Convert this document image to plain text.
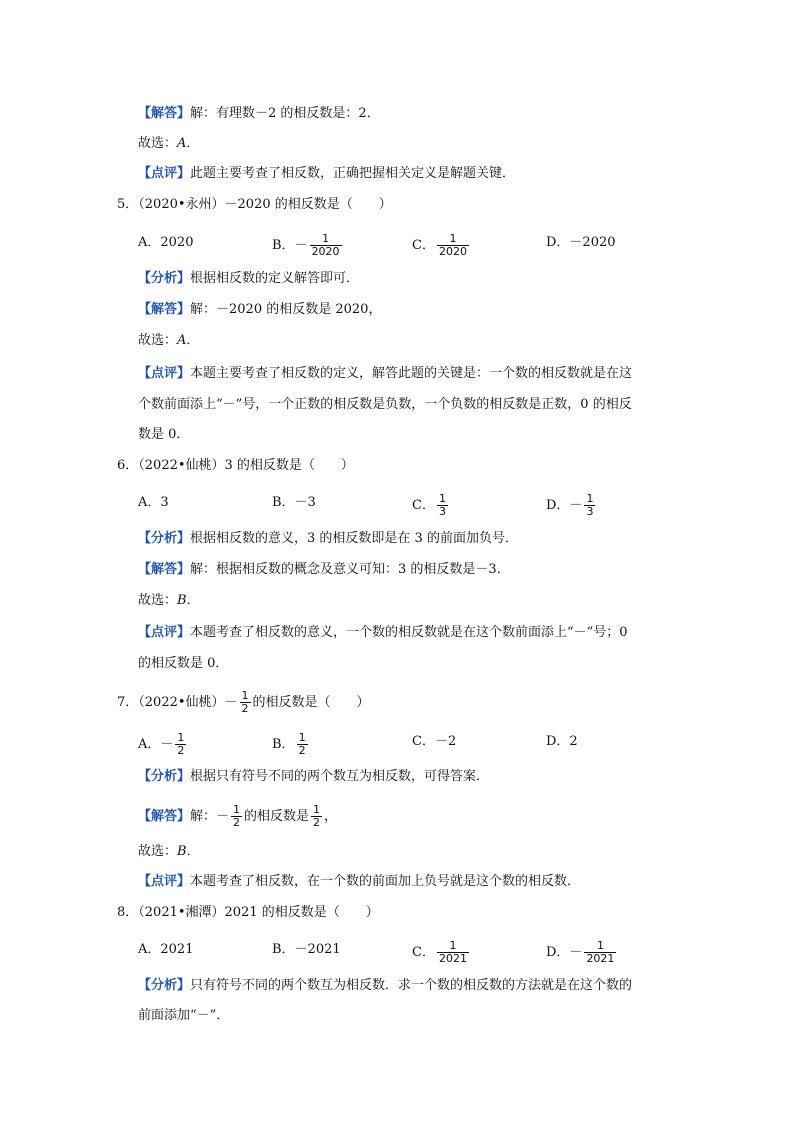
【解答】解：有理数－2 的相反数是：2．
故选：A．
【点评】此题主要考查了相反数，正确把握相关定义是解题关键．
5．（2020•永州）－2020 的相反数是（　　）
A．2020	B．－ $\frac{1}{2020}$	C． $\frac{1}{2020}$	D．－2020
【分析】根据相反数的定义解答即可．
【解答】解：－2020 的相反数是 2020，
故选：A．
【点评】本题主要考查了相反数的定义，解答此题的关键是：一个数的相反数就是在这
个数前面添上“－”号，一个正数的相反数是负数，一个负数的相反数是正数，0 的相反
数是 0．
6．（2022•仙桃）3 的相反数是（　　）
A．3	B．－3	C． $\frac{1}{3}$	D．－ $\frac{1}{3}$
【分析】根据相反数的意义，3 的相反数即是在 3 的前面加负号．
【解答】解：根据相反数的概念及意义可知：3 的相反数是－3．
故选：B．
【点评】本题考查了相反数的意义，一个数的相反数就是在这个数前面添上“－”号；0
的相反数是 0．
7．（2022•仙桃）－ $\frac{1}{2}$ 的相反数是（　　）
A．－ $\frac{1}{2}$	B． $\frac{1}{2}$	C．－2	D．2
【分析】根据只有符号不同的两个数互为相反数，可得答案．
【解答】解：－ $\frac{1}{2}$ 的相反数是 $\frac{1}{2}$ ，
故选：B．
【点评】本题考查了相反数，在一个数的前面加上负号就是这个数的相反数．
8．（2021•湘潭）2021 的相反数是（　　）
A．2021	B．－2021	C． $\frac{1}{2021}$	D．－ $\frac{1}{2021}$
【分析】只有符号不同的两个数互为相反数．求一个数的相反数的方法就是在这个数的
前面添加“－”．
